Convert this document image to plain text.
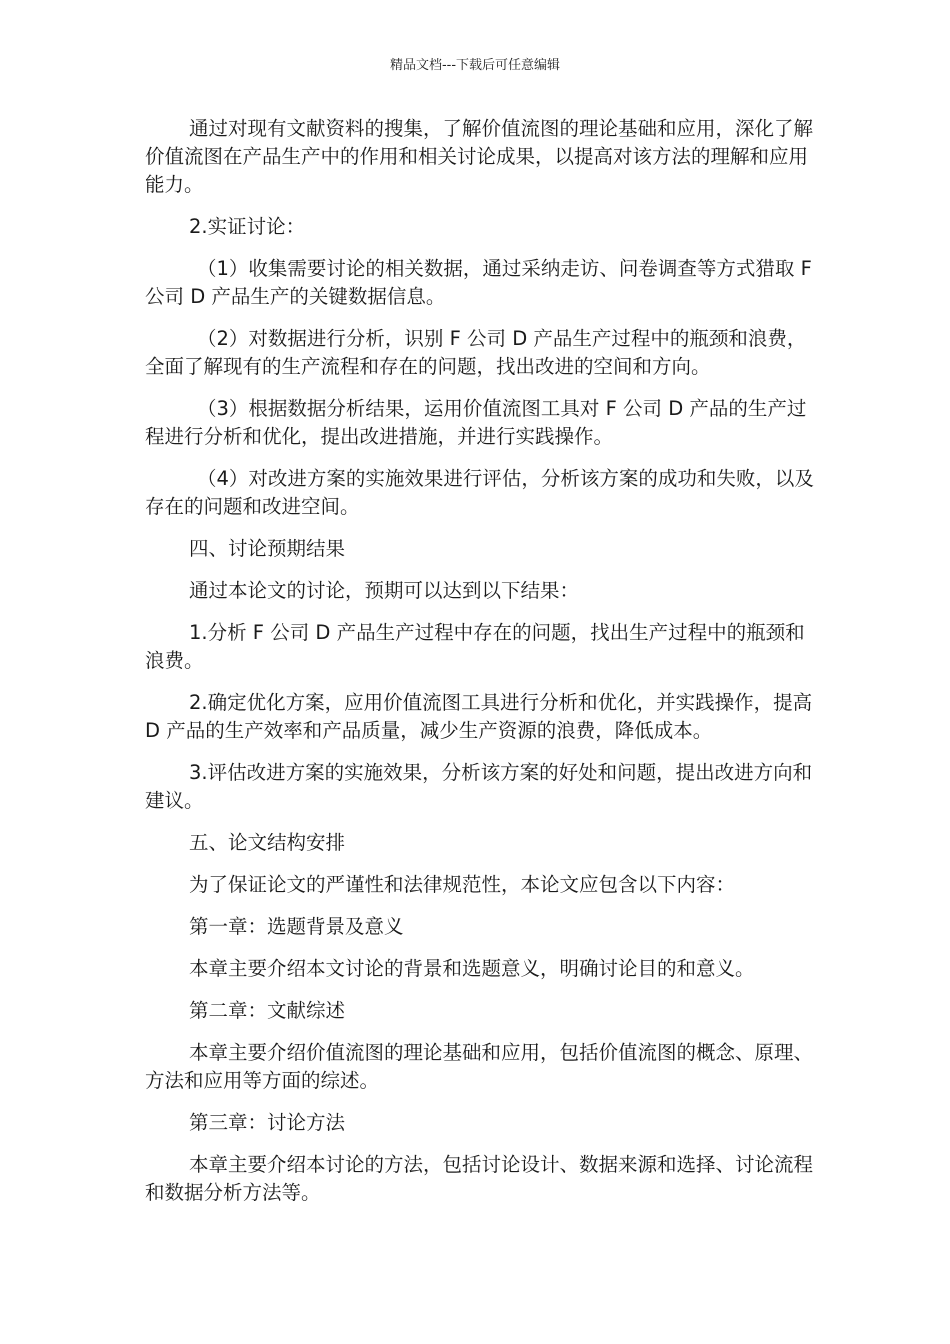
精品文档---下载后可任意编辑

通过对现有文献资料的搜集，了解价值流图的理论基础和应用，深化了解价值流图在产品生产中的作用和相关讨论成果，以提高对该方法的理解和应用能力。

2.实证讨论：

（1）收集需要讨论的相关数据，通过采纳走访、问卷调查等方式猎取 F 公司 D 产品生产的关键数据信息。

（2）对数据进行分析，识别 F 公司 D 产品生产过程中的瓶颈和浪费，全面了解现有的生产流程和存在的问题，找出改进的空间和方向。

（3）根据数据分析结果，运用价值流图工具对 F 公司 D 产品的生产过程进行分析和优化，提出改进措施，并进行实践操作。

（4）对改进方案的实施效果进行评估，分析该方案的成功和失败，以及存在的问题和改进空间。

四、讨论预期结果

通过本论文的讨论，预期可以达到以下结果：

1.分析 F 公司 D 产品生产过程中存在的问题，找出生产过程中的瓶颈和浪费。

2.确定优化方案，应用价值流图工具进行分析和优化，并实践操作，提高 D 产品的生产效率和产品质量，减少生产资源的浪费，降低成本。

3.评估改进方案的实施效果，分析该方案的好处和问题，提出改进方向和建议。

五、论文结构安排

为了保证论文的严谨性和法律规范性，本论文应包含以下内容：

第一章：选题背景及意义

本章主要介绍本文讨论的背景和选题意义，明确讨论目的和意义。

第二章：文献综述

本章主要介绍价值流图的理论基础和应用，包括价值流图的概念、原理、方法和应用等方面的综述。

第三章：讨论方法

本章主要介绍本讨论的方法，包括讨论设计、数据来源和选择、讨论流程和数据分析方法等。
